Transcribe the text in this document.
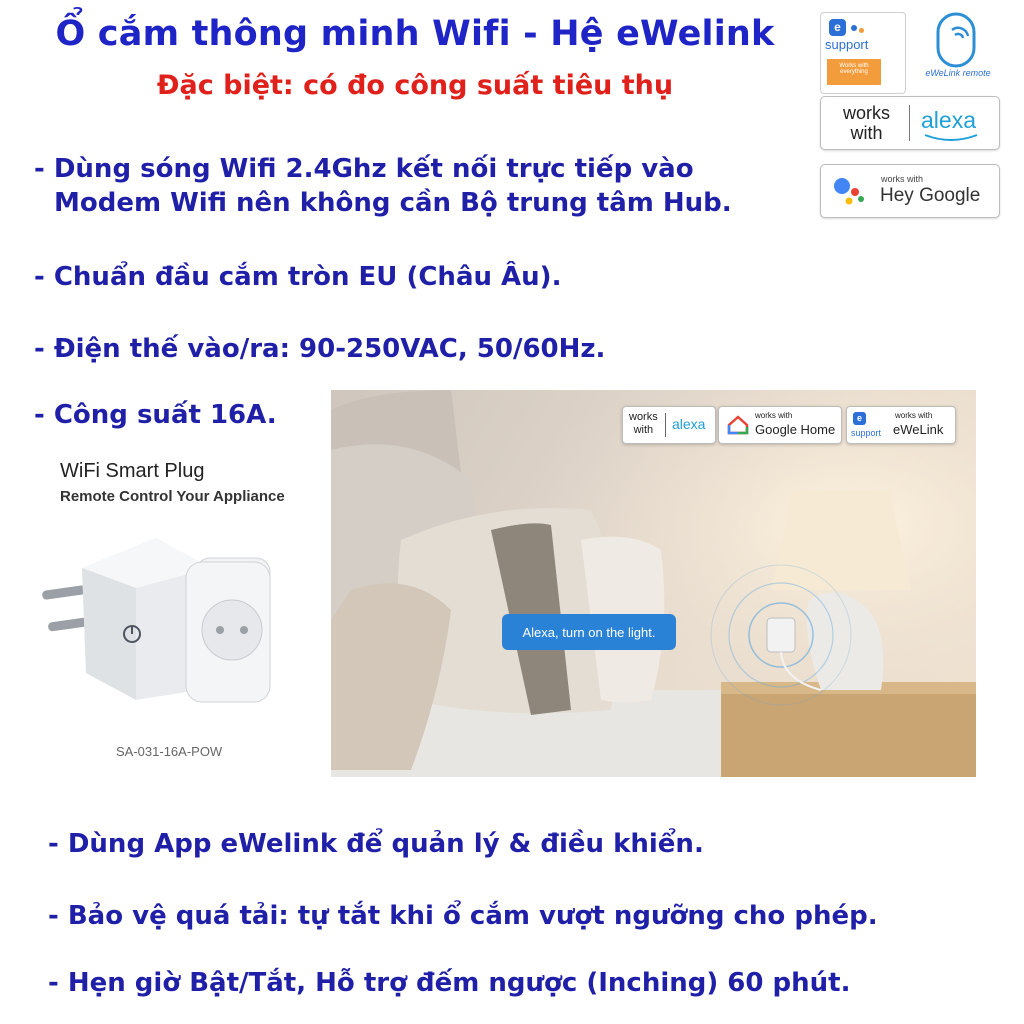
Ổ cắm thông minh Wifi - Hệ eWelink
Đặc biệt: có đo công suất tiêu thụ
- Dùng sóng Wifi 2.4Ghz kết nối trực tiếp vào
Modem Wifi nên không cần Bộ trung tâm Hub.
- Chuẩn đầu cắm tròn EU (Châu Âu).
- Điện thế vào/ra: 90-250VAC, 50/60Hz.
- Công suất 16A.
e
support
Works with everything	eWeLink remote
works
with	alexa
works with
Hey Google
WiFi Smart Plug
Remote Control Your Appliance
SA-031-16A-POW
works
with	alexa
works with
Google Home
e
support
works with
eWeLink
Alexa, turn on the light.
- Dùng App eWelink để quản lý & điều khiển.
- Bảo vệ quá tải: tự tắt khi ổ cắm vượt ngưỡng cho phép.
- Hẹn giờ Bật/Tắt, Hỗ trợ đếm ngược (Inching) 60 phút.
